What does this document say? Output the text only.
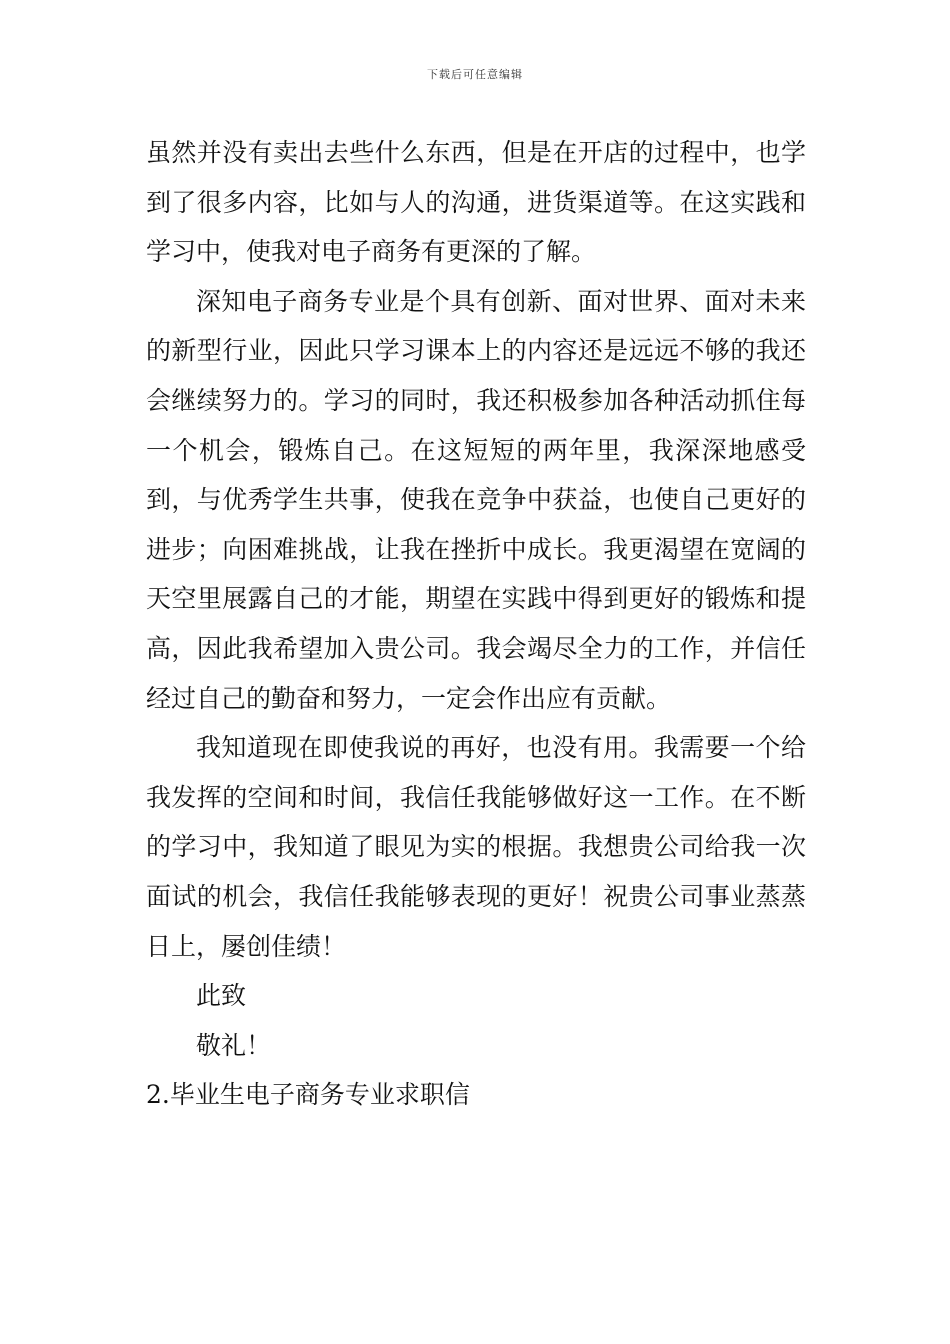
下载后可任意编辑

虽然并没有卖出去些什么东西，但是在开店的过程中，也学到了很多内容，比如与人的沟通，进货渠道等。在这实践和学习中，使我对电子商务有更深的了解。

深知电子商务专业是个具有创新、面对世界、面对未来的新型行业，因此只学习课本上的内容还是远远不够的我还会继续努力的。学习的同时，我还积极参加各种活动抓住每一个机会，锻炼自己。在这短短的两年里，我深深地感受到，与优秀学生共事，使我在竞争中获益，也使自己更好的进步；向困难挑战，让我在挫折中成长。我更渴望在宽阔的天空里展露自己的才能，期望在实践中得到更好的锻炼和提高，因此我希望加入贵公司。我会竭尽全力的工作，并信任经过自己的勤奋和努力，一定会作出应有贡献。

我知道现在即使我说的再好，也没有用。我需要一个给我发挥的空间和时间，我信任我能够做好这一工作。在不断的学习中，我知道了眼见为实的根据。我想贵公司给我一次面试的机会，我信任我能够表现的更好！祝贵公司事业蒸蒸日上，屡创佳绩！

此致

敬礼！

2.毕业生电子商务专业求职信
